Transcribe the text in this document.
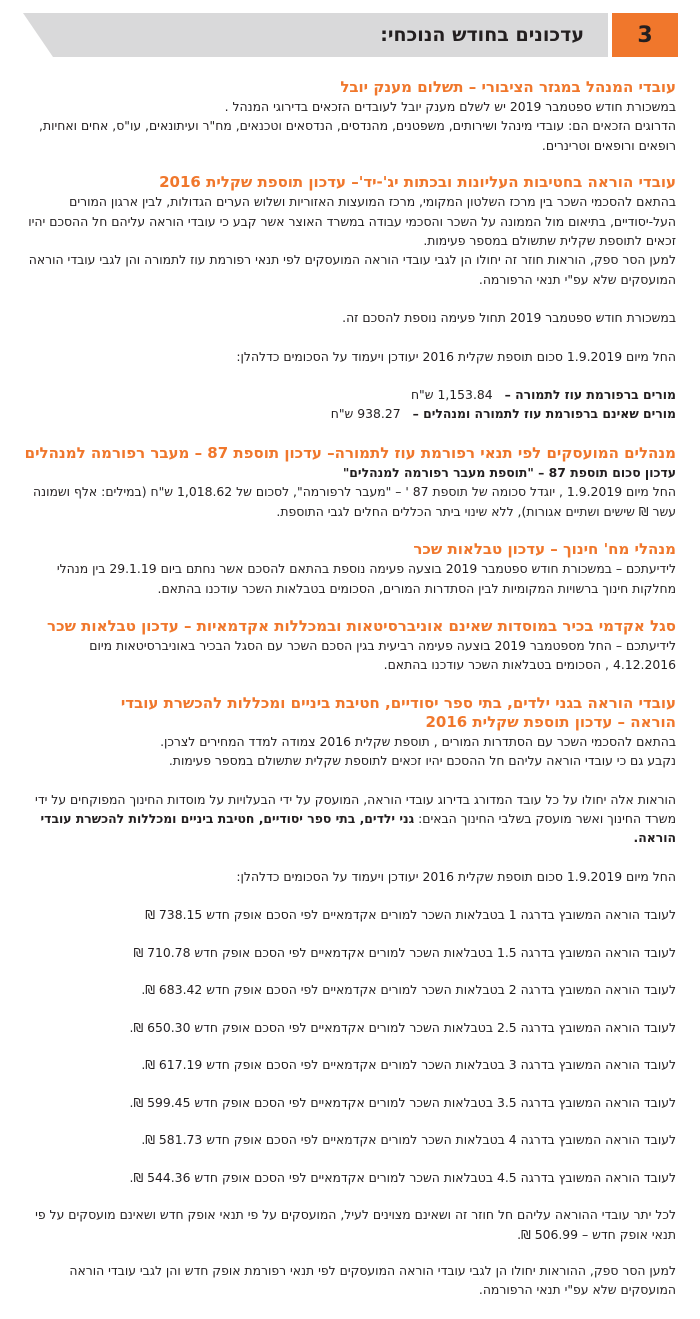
3
עדכונים בחודש הנוכחי:
עובדי המנהל במגזר הציבורי – תשלום מענק יובל

במשכורת חודש ספטמבר 2019 יש לשלם מענק יובל לעובדים הזכאים בדירוגי המנהל .

הדרוגים הזכאים הם: עובדי מינהל ושירותים, משפטנים, מהנדסים, הנדסאים וטכנאים, מח"ר ועיתונאים, עו"ס, אחים ואחיות, רופאים ורופאים וטרינרים.

עובדי הוראה בחטיבות העליונות ובכתות יג'-יד'– עדכון תוספת שקלית 2016

בהתאם להסכמי השכר בין מרכז השלטון המקומי, מרכז המועצות האזוריות ושלוש הערים הגדולות, לבין ארגון המורים העל-יסודיים, בתיאום מול הממונה על השכר והסכמי עבודה במשרד האוצר אשר קבע כי עובדי הוראה עליהם חל ההסכם יהיו זכאים לתוספת שקלית שתשולם במספר פעימות.

למען הסר ספק, הוראות חוזר זה יחולו הן לגבי עובדי הוראה המועסקים לפי תנאי רפורמת עוז לתמורה והן לגבי עובדי הוראה המועסקים שלא עפ"י תנאי הרפורמה.

במשכורת חודש ספטמבר 2019 תחול פעימה נוספת להסכם זה.

החל מיום 1.9.2019 סכום תוספת שקלית 2016 יעודכן ויעמוד על הסכומים כדלהלן:

מורים ברפורמת עוז לתמורה –1,153.84 ש"ח

מורים שאינם ברפורמת עוז לתמורה ומנהלים –938.27 ש"ח

מנהלים המועסקים לפי תנאי רפורמת עוז לתמורה– עדכון תוספת 87 – מעבר רפורמה למנהלים

עדכון סכום תוספת 87 – "תוספת מעבר רפורמה למנהלים"

החל מיום 1.9.2019 , יוגדל סכומה של תוספת 87 ' – "מעבר לרפורמה", לסכום של 1,018.62 ש"ח (במילים: אלף ושמונה עשר ₪ שישים ושתיים אגורות), ללא שינוי ביתר הכללים החלים לגבי התוספת.

מנהלי מח' חינוך – עדכון טבלאות שכר

לידיעתכם – במשכורת חודש ספטמבר 2019 בוצעה פעימה נוספת בהתאם להסכם אשר נחתם ביום 29.1.19 בין מנהלי מחלקות חינוך ברשויות המקומיות לבין הסתדרות המורים, הסכומים בטבלאות השכר עודכנו בהתאם.

סגל אקדמי בכיר במוסדות שאינם אוניברסיטאות ובמכללות אקדמאיות – עדכון טבלאות שכר

לידיעתכם – החל מספטמבר 2019 בוצעה פעימה רביעית בגין הסכם השכר עם הסגל הבכיר באוניברסיטאות מיום 4.12.2016 , הסכומים בטבלאות השכר עודכנו בהתאם.

עובדי הוראה בגני ילדים, בתי ספר יסודיים, חטיבת ביניים ומכללות להכשרת עובדי הוראה – עדכון תוספת שקלית 2016

בהתאם להסכמי השכר עם הסתדרות המורים , תוספת שקלית 2016 צמודה למדד המחירים לצרכן.

נקבע גם כי עובדי הוראה עליהם חל ההסכם יהיו זכאים לתוספת שקלית שתשולם במספר פעימות.

הוראות אלה יחולו על כל עובד המדורג בדירוג עובדי הוראה, המועסק על ידי הבעלויות על מוסדות החינוך המפוקחים על ידי משרד החינוך ואשר מועסק בשלבי החינוך הבאים: גני ילדים, בתי ספר יסודיים, חטיבת ביניים ומכללות להכשרת עובדי הוראה.

החל מיום 1.9.2019 סכום תוספת שקלית 2016 יעודכן ויעמוד על הסכומים כדלהלן:

לעובד הוראה המשובץ בדרגה 1 בטבלאות השכר למורים אקדמאיים לפי הסכם אופק חדש 738.15 ₪

לעובד הוראה המשובץ בדרגה 1.5 בטבלאות השכר למורים אקדמאיים לפי הסכם אופק חדש 710.78 ₪

לעובד הוראה המשובץ בדרגה 2 בטבלאות השכר למורים אקדמאיים לפי הסכם אופק חדש 683.42 ₪.

לעובד הוראה המשובץ בדרגה 2.5 בטבלאות השכר למורים אקדמאיים לפי הסכם אופק חדש 650.30 ₪.

לעובד הוראה המשובץ בדרגה 3 בטבלאות השכר למורים אקדמאיים לפי הסכם אופק חדש 617.19 ₪.

לעובד הוראה המשובץ בדרגה 3.5 בטבלאות השכר למורים אקדמאיים לפי הסכם אופק חדש 599.45 ₪.

לעובד הוראה המשובץ בדרגה 4 בטבלאות השכר למורים אקדמאיים לפי הסכם אופק חדש 581.73 ₪.

לעובד הוראה המשובץ בדרגה 4.5 בטבלאות השכר למורים אקדמאיים לפי הסכם אופק חדש 544.36 ₪.

לכל יתר עובדי ההוראה עליהם חל חוזר זה ושאינם מצוינים לעיל, המועסקים על פי תנאי אופק חדש ושאינם מועסקים על פי תנאי אופק חדש – 506.99 ₪.

למען הסר ספק, ההוראות יחולו הן לגבי עובדי הוראה המועסקים לפי תנאי רפורמת אופק חדש והן לגבי עובדי הוראה המועסקים שלא עפ"י תנאי הרפורמה.
